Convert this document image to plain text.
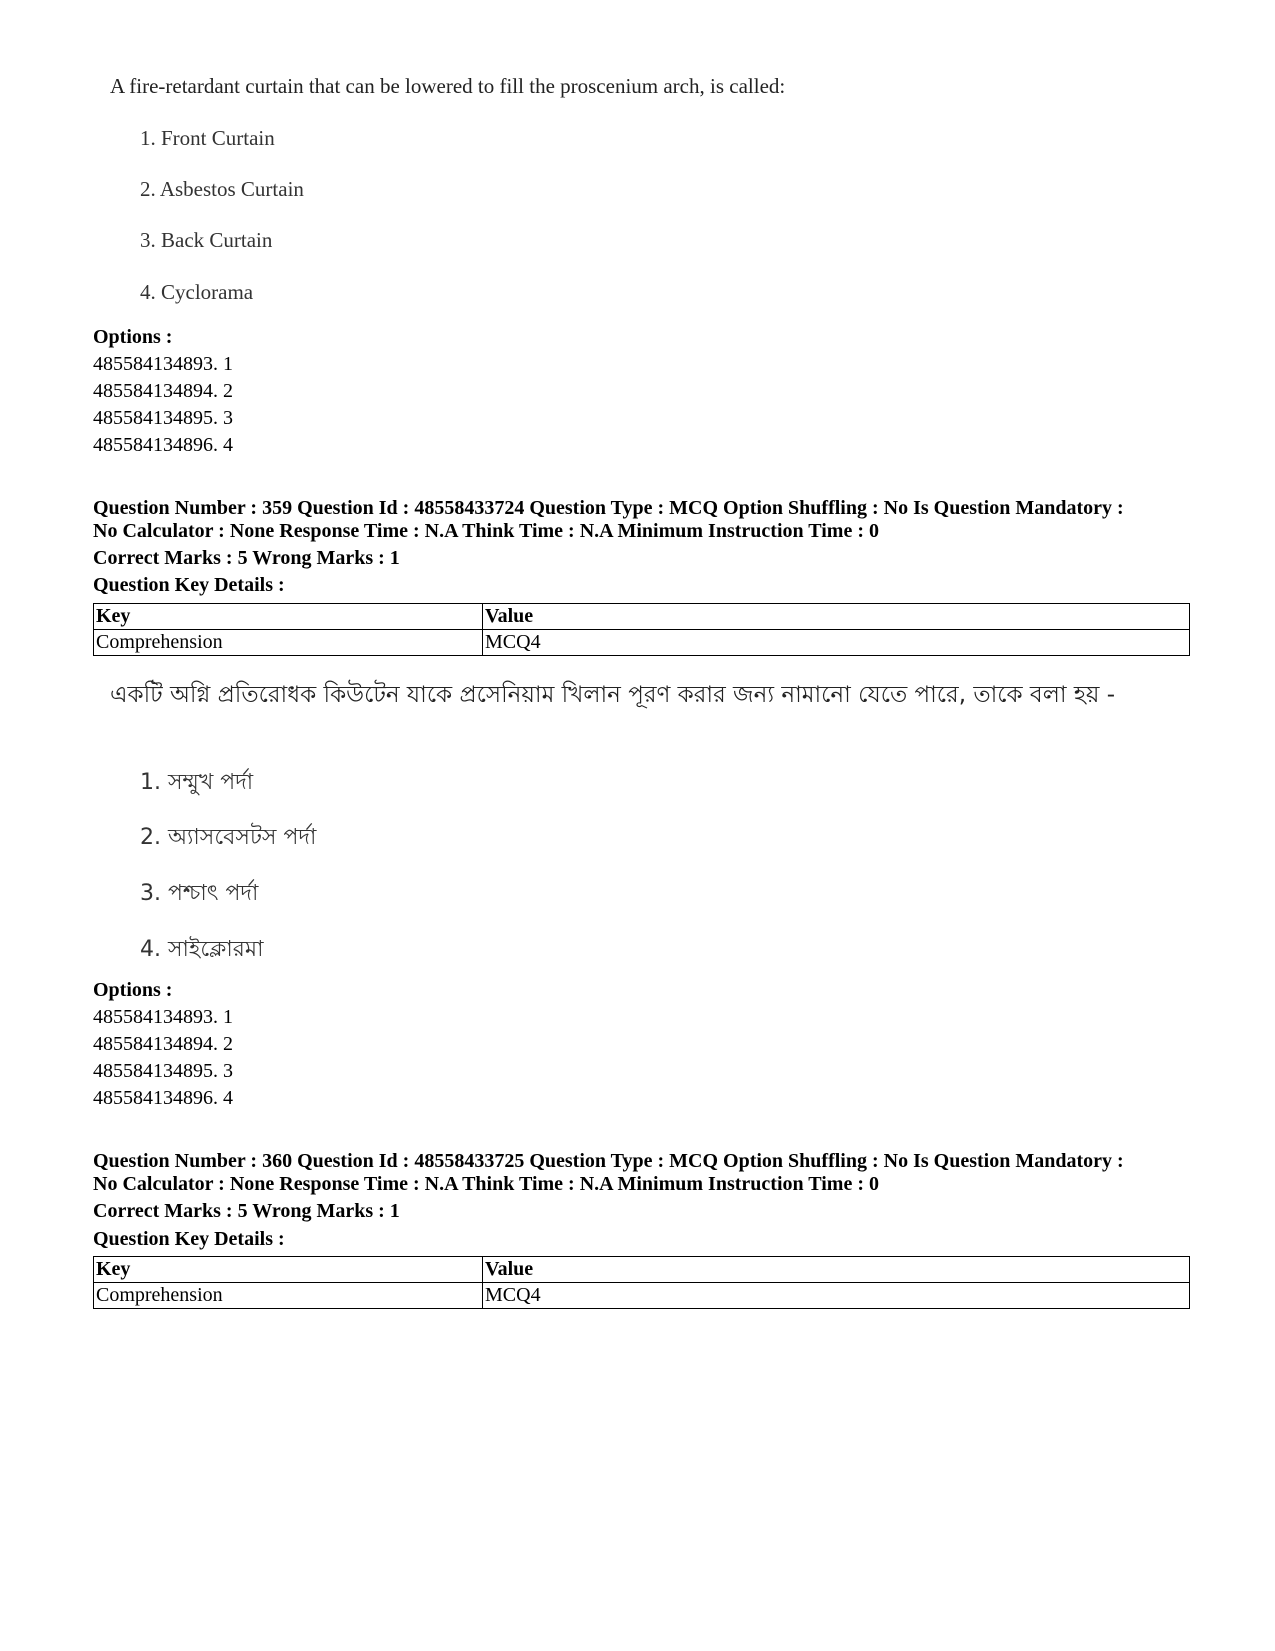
A fire-retardant curtain that can be lowered to fill the proscenium arch, is called:
1. Front Curtain
2. Asbestos Curtain
3. Back Curtain
4. Cyclorama
Options :
485584134893. 1
485584134894. 2
485584134895. 3
485584134896. 4
Question Number : 359 Question Id : 48558433724 Question Type : MCQ Option Shuffling : No Is Question Mandatory :
No Calculator : None Response Time : N.A Think Time : N.A Minimum Instruction Time : 0
Correct Marks : 5 Wrong Marks : 1
Question Key Details :
Key	Value
Comprehension	MCQ4
একটি অগ্নি প্রতিরোধক কিউটেন যাকে প্রসেনিয়াম খিলান পূরণ করার জন্য নামানো যেতে পারে, তাকে বলা হয় -
1. সম্মুখ পর্দা
2. অ্যাসবেসটস পর্দা
3. পশ্চাৎ পর্দা
4. সাইক্লোরমা
Options :
485584134893. 1
485584134894. 2
485584134895. 3
485584134896. 4
Question Number : 360 Question Id : 48558433725 Question Type : MCQ Option Shuffling : No Is Question Mandatory :
No Calculator : None Response Time : N.A Think Time : N.A Minimum Instruction Time : 0
Correct Marks : 5 Wrong Marks : 1
Question Key Details :
Key	Value
Comprehension	MCQ4
